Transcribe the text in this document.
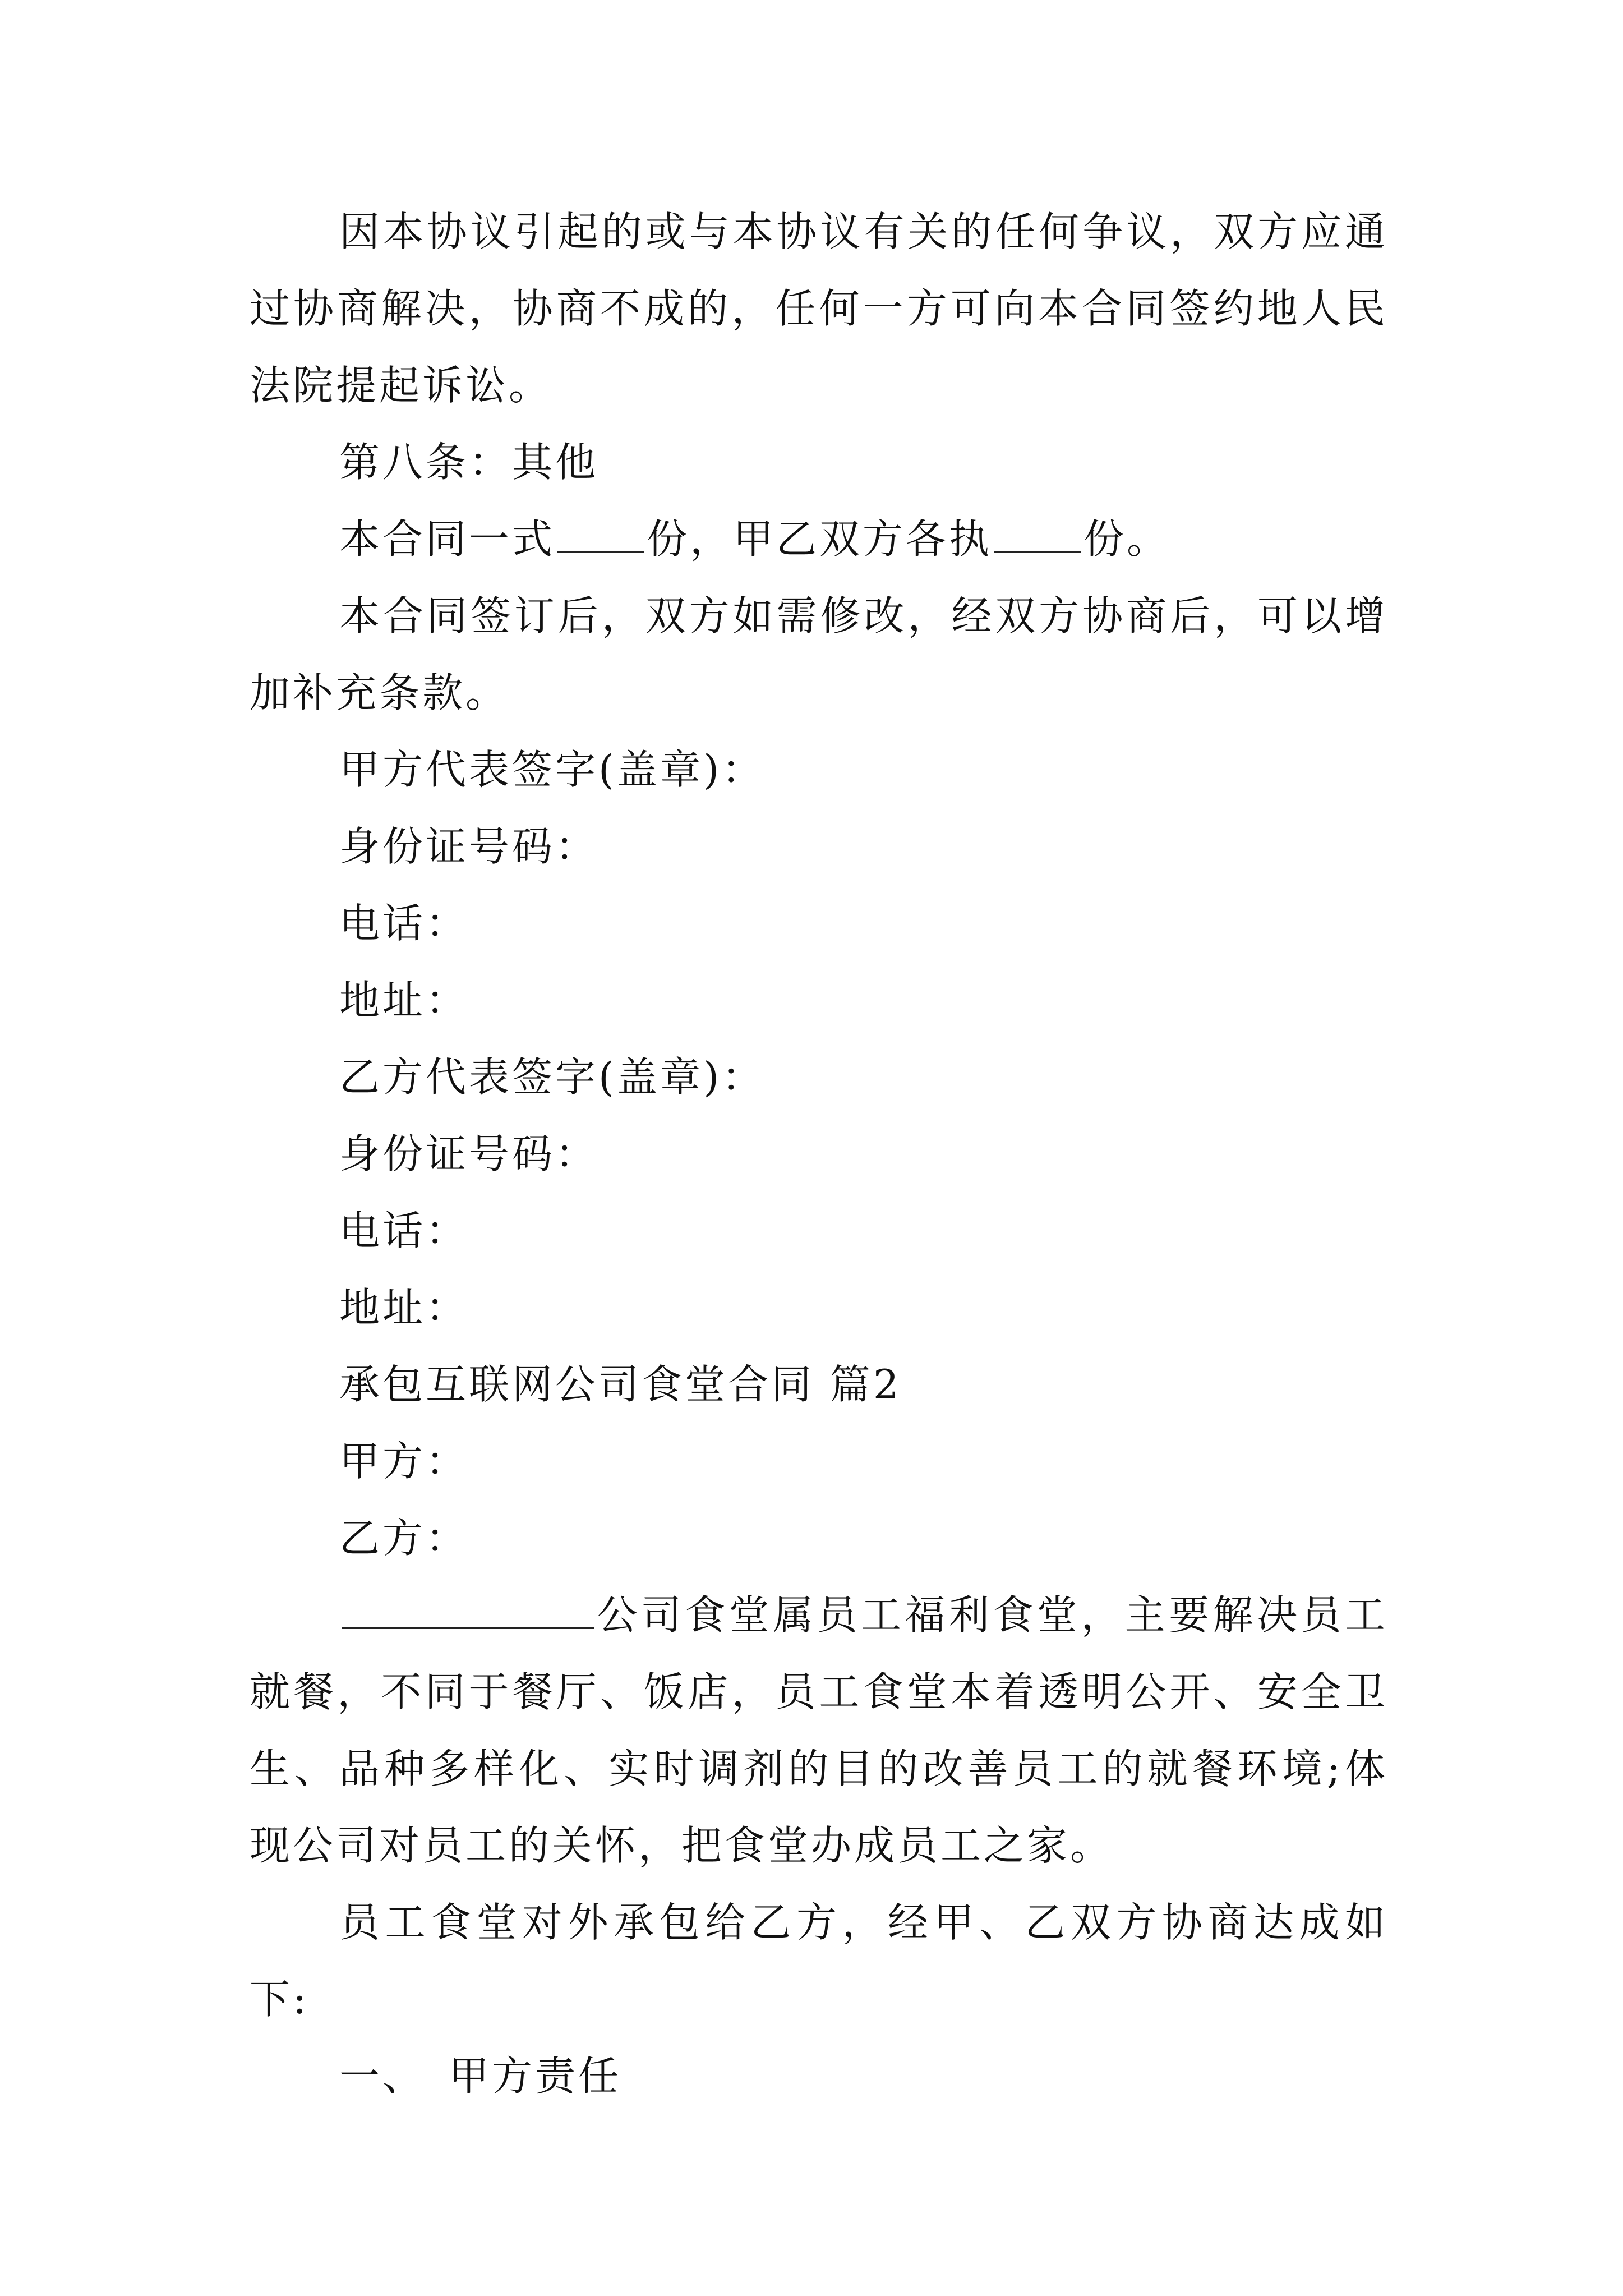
因本协议引起的或与本协议有关的任何争议，双方应通过协商解决，协商不成的，任何一方可向本合同签约地人民法院提起诉讼。

第八条：其他

本合同一式 份，甲乙双方各执 份。

本合同签订后，双方如需修改，经双方协商后，可以增加补充条款。

甲方代表签字(盖章)：

身份证号码：

电话：

地址：

乙方代表签字(盖章)：

身份证号码：

电话：

地址：

承包互联网公司食堂合同 篇2

甲方：

乙方：

公司食堂属员工福利食堂，主要解决员工就餐，不同于餐厅、饭店，员工食堂本着透明公开、安全卫生、品种多样化、实时调剂的目的改善员工的就餐环境;体现公司对员工的关怀，把食堂办成员工之家。

员工食堂对外承包给乙方，经甲、乙双方协商达成如下:

一、　甲方责任
